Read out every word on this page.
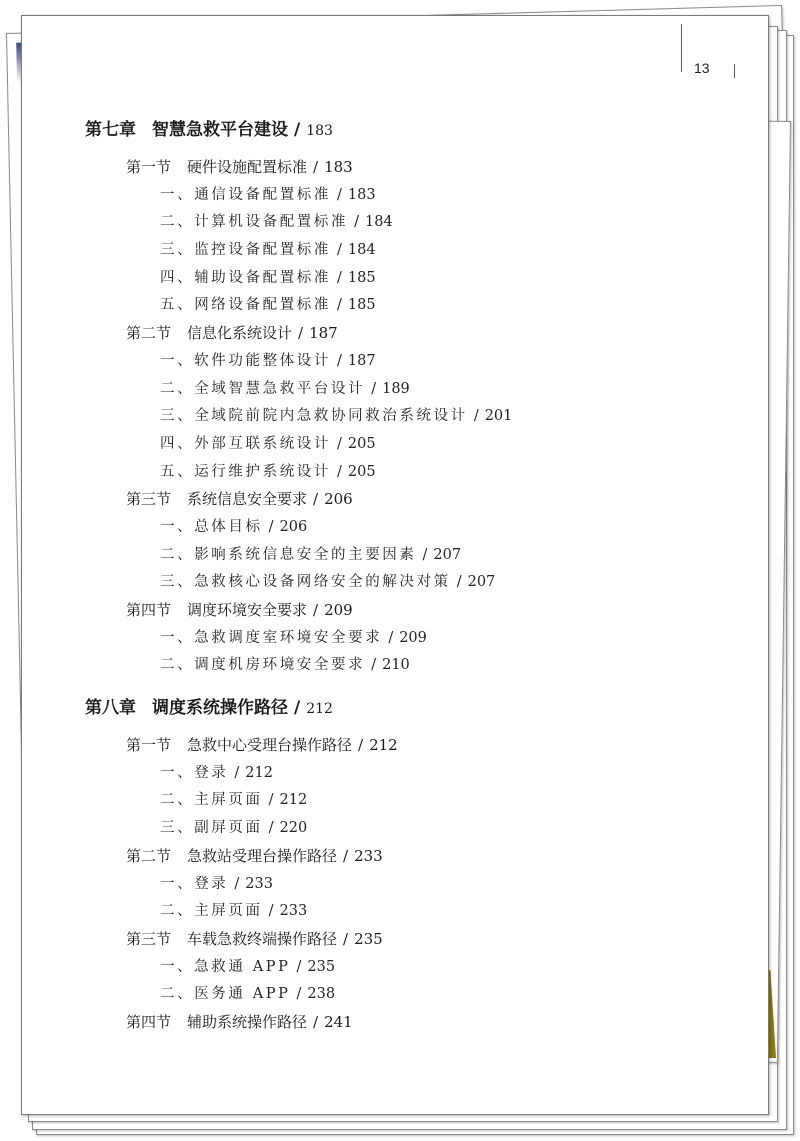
13
第七章 智慧急救平台建设 / 183
第一节 硬件设施配置标准 / 183
一、通信设备配置标准 / 183
二、计算机设备配置标准 / 184
三、监控设备配置标准 / 184
四、辅助设备配置标准 / 185
五、网络设备配置标准 / 185
第二节 信息化系统设计 / 187
一、软件功能整体设计 / 187
二、全域智慧急救平台设计 / 189
三、全域院前院内急救协同救治系统设计 / 201
四、外部互联系统设计 / 205
五、运行维护系统设计 / 205
第三节 系统信息安全要求 / 206
一、总体目标 / 206
二、影响系统信息安全的主要因素 / 207
三、急救核心设备网络安全的解决对策 / 207
第四节 调度环境安全要求 / 209
一、急救调度室环境安全要求 / 209
二、调度机房环境安全要求 / 210
第八章 调度系统操作路径 / 212
第一节 急救中心受理台操作路径 / 212
一、登录 / 212
二、主屏页面 / 212
三、副屏页面 / 220
第二节 急救站受理台操作路径 / 233
一、登录 / 233
二、主屏页面 / 233
第三节 车载急救终端操作路径 / 235
一、急救通 APP / 235
二、医务通 APP / 238
第四节 辅助系统操作路径 / 241
